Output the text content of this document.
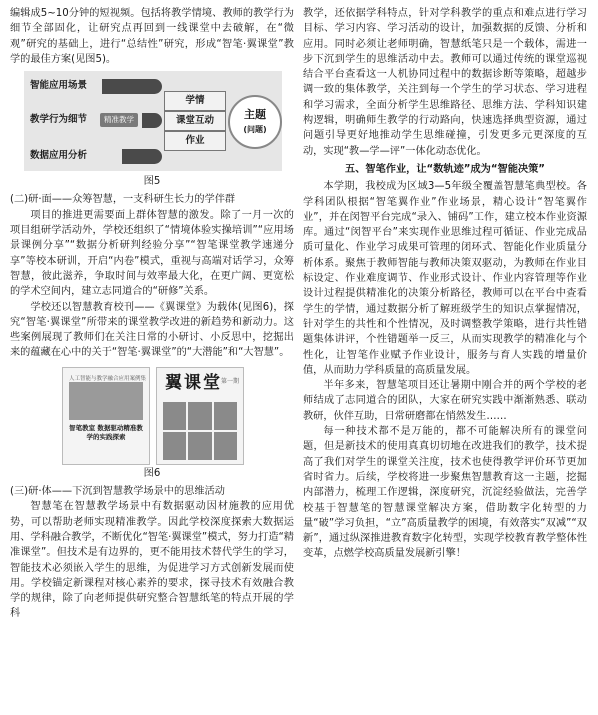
编辑成5~10分钟的短视频。包括将教学情境、教师的教学行为细节全部固化，让研究点再回到一线课堂中去破解，在“微观”研究的基础上，进行“总结性”研究，形成“智笔·翼课堂”教学的最佳方案(见图5)。

智能应用场景
教学行为细节	精准教学
数据应用分析
学情
课堂互动
作业
主题
(问题)

图5

(二)研·面——众筹智慧，一支科研生长力的学伴群

项目的推进更需要面上群体智慧的激发。除了一月一次的项目组研学活动外，学校还组织了“情境体验实操培训”“应用场景课例分享”“数据分析研判经验分享”“智笔课堂教学速递分享”等校本研训，开启“内卷”模式，重视与高端对话学习，众筹智慧，彼此滋养，争取时间与效率最大化，在更广阔、更宽松的学术空间内，建立志同道合的“研修”关系。

学校还以智慧教育校刊——《翼课堂》为载体(见图6)，探究“智笔·翼课堂”所带来的课堂教学改进的新趋势和新动力。这些案例展现了教师们在关注日常的小研讨、小反思中，挖掘出来的蕴藏在心中的关于“智笔·翼课堂”的“大潜能”和“大智慧”。

人工智能与教学融合应用案例集
智笔教室 数据驱动精准教学的实践探索
翼课堂
第一期

图6

(三)研·体——下沉到智慧教学场景中的思维活动

智慧笔在智慧教学场景中有数据驱动因材施教的应用优势，可以帮助老师实现精准教学。因此学校深度探索大数据运用、学科融合教学，不断优化“智笔·翼课堂”模式，努力打造“精准课堂”。但技术是有边界的，更不能用技术替代学生的学习，智能技术必须嵌入学生的思维，为促进学习方式创新发展而使用。学校锚定新课程对核心素养的要求，探寻技术有效融合教学的规律，除了向老师提供研究整合智慧纸笔的特点开展的学科

教学，还依据学科特点，针对学科教学的重点和难点进行学习目标、学习内容、学习活动的设计，加强数据的反馈、分析和应用。同时必须让老师明确，智慧纸笔只是一个载体，需进一步下沉到学生的思维活动中去。教师可以通过传统的课堂巡视结合平台查看这一人机协同过程中的数据诊断等策略，超越步调一致的集体教学，关注到每一个学生的学习状态、学习进程和学习需求，全面分析学生思维路径、思维方法、学科知识建构逻辑，明确师生教学的行动路向，快速选择典型资源，通过问题引导更好地推动学生思维碰撞，引发更多元更深度的互动，实现“教—学—评”一体化动态优化。

五、智笔作业，让“数轨迹”成为“智能决策”

本学期，我校成为区域3—5年级全覆盖智慧笔典型校。各学科团队根据“智笔翼作业”作业场景，精心设计“智笔翼作业”，并在闵智平台完成“录入、铺码”工作，建立校本作业资源库。通过“闵智平台”来实现作业思维过程可循证、作业完成品质可量化、作业学习成果可管理的闭环式、智能化作业质量分析体系。聚焦于教师智能与教师决策双驱动，为教师在作业目标设定、作业难度调节、作业形式设计、作业内容管理等作业设计过程提供精准化的决策分析路径，教师可以在平台中查看学生的学情，通过数据分析了解班级学生的知识点掌握情况，针对学生的共性和个性情况，及时调整教学策略，进行共性错题集体讲评，个性错题举一反三，从而实现教学的精准化与个性化，让智笔作业赋予作业设计，服务与育人实践的增量价值，从而助力学科质量的高质量发展。

半年多来，智慧笔项目还让暑期中刚合并的两个学校的老师结成了志同道合的团队，大家在研究实践中渐渐熟悉、联动教研，伙伴互助，日常研磨都在悄然发生……

每一种技术都不是万能的，都不可能解决所有的课堂问题，但是新技术的使用真真切切地在改进我们的教学，技术提高了我们对学生的课堂关注度，技术也使得教学评价环节更加省时省力。后续，学校将进一步聚焦智慧教育这一主题，挖掘内部潜力，梳理工作逻辑，深度研究，沉淀经验做法，完善学校基于智慧笔的智慧课堂解决方案，借助数字化转型的力量“破”学习负担，“立”高质量教学的困境，有效落实“双减”“双新”，通过纵深推进教育数字化转型，实现学校教育教学整体性变革，点燃学校高质量发展新引擎！
